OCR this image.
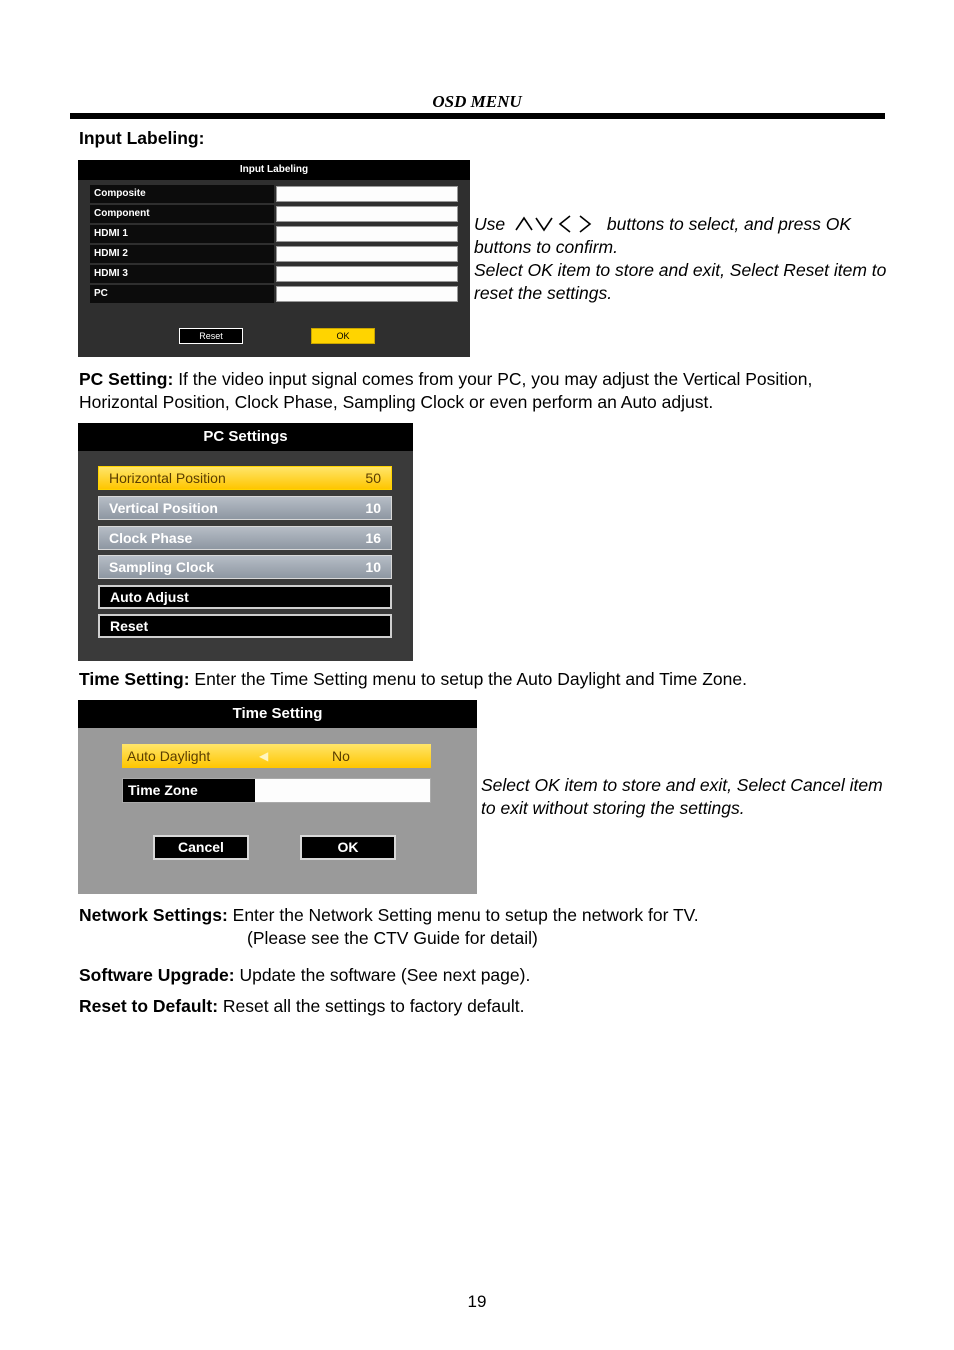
OSD MENU
Input Labeling:
Input Labeling
Composite
Component
HDMI 1
HDMI 2
HDMI 3
PC
Reset	OK
Use	buttons to select, and press OK buttons to confirm.
Select OK item to store and exit, Select Reset item to reset the settings.
PC Setting: If the video input signal comes from your PC, you may adjust the Vertical Position, Horizontal Position, Clock Phase, Sampling Clock or even perform an Auto adjust.
PC Settings
Horizontal Position	50
Vertical Position	10
Clock Phase	16
Sampling Clock	10
Auto Adjust
Reset
Time Setting: Enter the Time Setting menu to setup the Auto Daylight and Time Zone.
Time Setting
Auto Daylight	◀	No
Time Zone
Cancel	OK
Select OK item to store and exit, Select Cancel item to exit without storing the settings.
Network Settings: Enter the Network Setting menu to setup the network for TV.
(Please see the CTV Guide for detail)
Software Upgrade: Update the software (See next page).
Reset to Default: Reset all the settings to factory default.
19
